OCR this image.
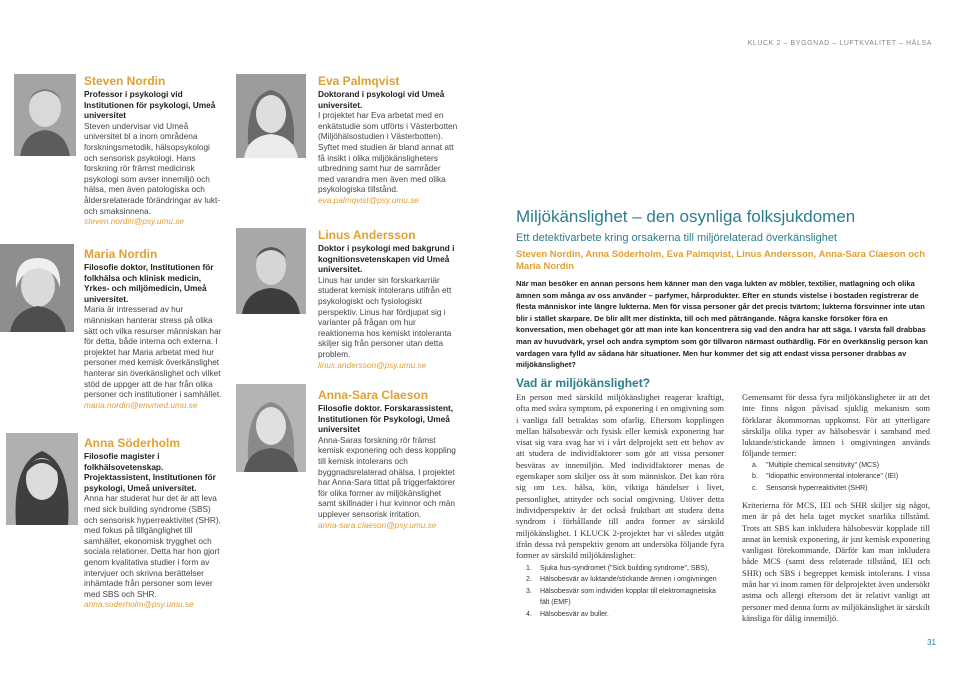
KLUCK 2 – BYGGNAD – LUFTKVALITET – HÄLSA
Steven Nordin
Professor i psykologi vid Institutionen för psykologi, Umeå universitet
Steven undervisar vid Umeå universitet bl a inom områdena forskningsmetodik, hälsopsykologi och sensorisk psykologi. Hans forskning rör främst medicinsk psykologi som avser innemiljö och hälsa, men även patologiska och åldersrelaterade förändringar av lukt- och smaksinnena.
steven.nordin@psy.umu.se
Maria Nordin
Filosofie doktor, Institutionen för folkhälsa och klinisk medicin, Yrkes- och miljömedicin, Umeå universitet.
Maria är intresserad av hur människan hanterar stress på olika sätt och vilka resurser människan har för detta, både interna och externa. I projektet har Maria arbetat med hur personer med kemisk överkänslighet hanterar sin överkänslighet och vilket stöd de uppger att de har från olika personer och institutioner i samhället.
maria.nordin@envmed.umu.se
Anna Söderholm
Filosofie magister i folkhälsovetenskap. Projektassistent, Institutionen för psykologi, Umeå universitet.
Anna har studerat hur det är att leva med sick building syndrome (SBS) och sensorisk hyperreaktivitet (SHR), med fokus på tillgänglighet till samhället, ekonomisk trygghet och sociala relationer. Detta har hon gjort genom kvalitativa studier i form av intervjuer och skrivna berättelser inhämtade från personer som lever med SBS och SHR.
anna.soderholm@psy.umu.se
Eva Palmqvist
Doktorand i psykologi vid Umeå universitet.
I projektet har Eva arbetat med en enkätstudie som utförts i Västerbotten (Miljöhälsostudien i Västerbotten). Syftet med studien är bland annat att få insikt i olika miljökänsligheters utbredning samt hur de samråder med varandra men även med olika psykologiska tillstånd.
eva.palmqvist@psy.umu.se
Linus Andersson
Doktor i psykologi med bakgrund i kognitionsvetenskapen vid Umeå universitet.
Linus har under sin forskarkarriär studerat kemisk intolerans utifrån ett psykologiskt och fysiologiskt perspektiv. Linus har fördjupat sig i varianter på frågan om hur reaktionerna hos kemiskt intoleranta skiljer sig från personer utan detta problem.
linus.andersson@psy.umu.se
Anna-Sara Claeson
Filosofie doktor. Forskarassistent, Institutionen för Psykologi, Umeå universitet
Anna-Saras forskning rör främst kemisk exponering och dess koppling till kemisk intolerans och byggnadsrelaterad ohälsa. I projektet har Anna-Sara tittat på triggerfaktorer för olika former av miljökänslighet samt skillnader i hur kvinnor och män upplever sensorisk irritation.
anna-sara.claeson@psy.umu.se
Miljökänslighet – den osynliga folksjukdomen
Ett detektivarbete kring orsakerna till miljörelaterad överkänslighet
Steven Nordin, Anna Söderholm, Eva Palmqvist, Linus Andersson, Anna-Sara Claeson och Maria Nordin
När man besöker en annan persons hem känner man den vaga lukten av möbler, textilier, matlagning och olika ämnen som många av oss använder – parfymer, hårprodukter. Efter en stunds vistelse i bostaden registrerar de flesta människor inte längre lukterna. Men för vissa personer går det precis tvärtom; lukterna försvinner inte utan blir i stället skarpare. De blir allt mer distinkta, till och med påträngande. Några kanske försöker föra en konversation, men obehaget gör att man inte kan koncentrera sig vad den andra har att säga. I värsta fall drabbas man av huvudvärk, yrsel och andra symptom som gör tillvaron närmast outhärdlig. För en överkänslig person kan vardagen vara fylld av sådana här situationer. Men hur kommer det sig att endast vissa personer drabbas av miljökänslighet?
Vad är miljökänslighet?
En person med särskild miljökänslighet reagerar kraftigt, ofta med svåra symptom, på exponering i en omgivning som i vanliga fall betraktas som ofarlig. Eftersom kopplingen mellan hälsobesvär och fysisk eller kemisk exponering har visat sig vara svag har vi i vårt delprojekt sett ett behov av att studera de individfaktorer som gör att vissa personer besväras av innemiljön. Med individfaktorer menas de egenskaper som skiljer oss åt som människor. Det kan röra sig om t.ex. hälsa, kön, viktiga händelser i livet, personlighet, attityder och social omgivning. Utöver detta individperspektiv är det också fruktbart att studera detta syndrom i förhållande till andra former av särskild miljökänslighet. I KLUCK 2-projektet har vi således utgått ifrån dessa två perspektiv genom att undersöka följande fyra former av särskild miljökänslighet:
1. Sjuka hus-syndromet ("Sick building syndrome", SBS),
2. Hälsobesvär av luktande/stickande ämnen i omgivningen
3. Hälsobesvär som individen kopplar till elektromagnetiska fält (EMF)
4. Hälsobesvär av buller.
Gemensamt för dessa fyra miljökänsligheter är att det inte finns någon påvisad sjuklig mekanism som förklarar åkommornas uppkomst. För att ytterligare särskilja olika typer av hälsobesvär i samband med luktande/stickande ämnen i omgivningen används följande termer:
a. "Multiple chemical sensitivity" (MCS)
b. "Idiopathic environmental intolerance" (IEI)
c. Sensorisk hyperreaktivitet (SHR)
Kriterierna för MCS, IEI och SHR skiljer sig något, men är på det hela taget mycket snarlika tillstånd. Trots att SBS kan inkludera hälsobesvär kopplade till annat än kemisk exponering, är just kemisk exponering vanligast förekommande. Därför kan man inkludera både MCS (samt dess relaterade tillstånd, IEI och SHR) och SBS i begreppet kemisk intolerans. I vissa mån har vi inom ramen för delprojektet även undersökt astma och allergi eftersom det är relativt vanligt att personer med denna form av miljökänslighet är särskilt känsliga för dålig innemiljö.
31
